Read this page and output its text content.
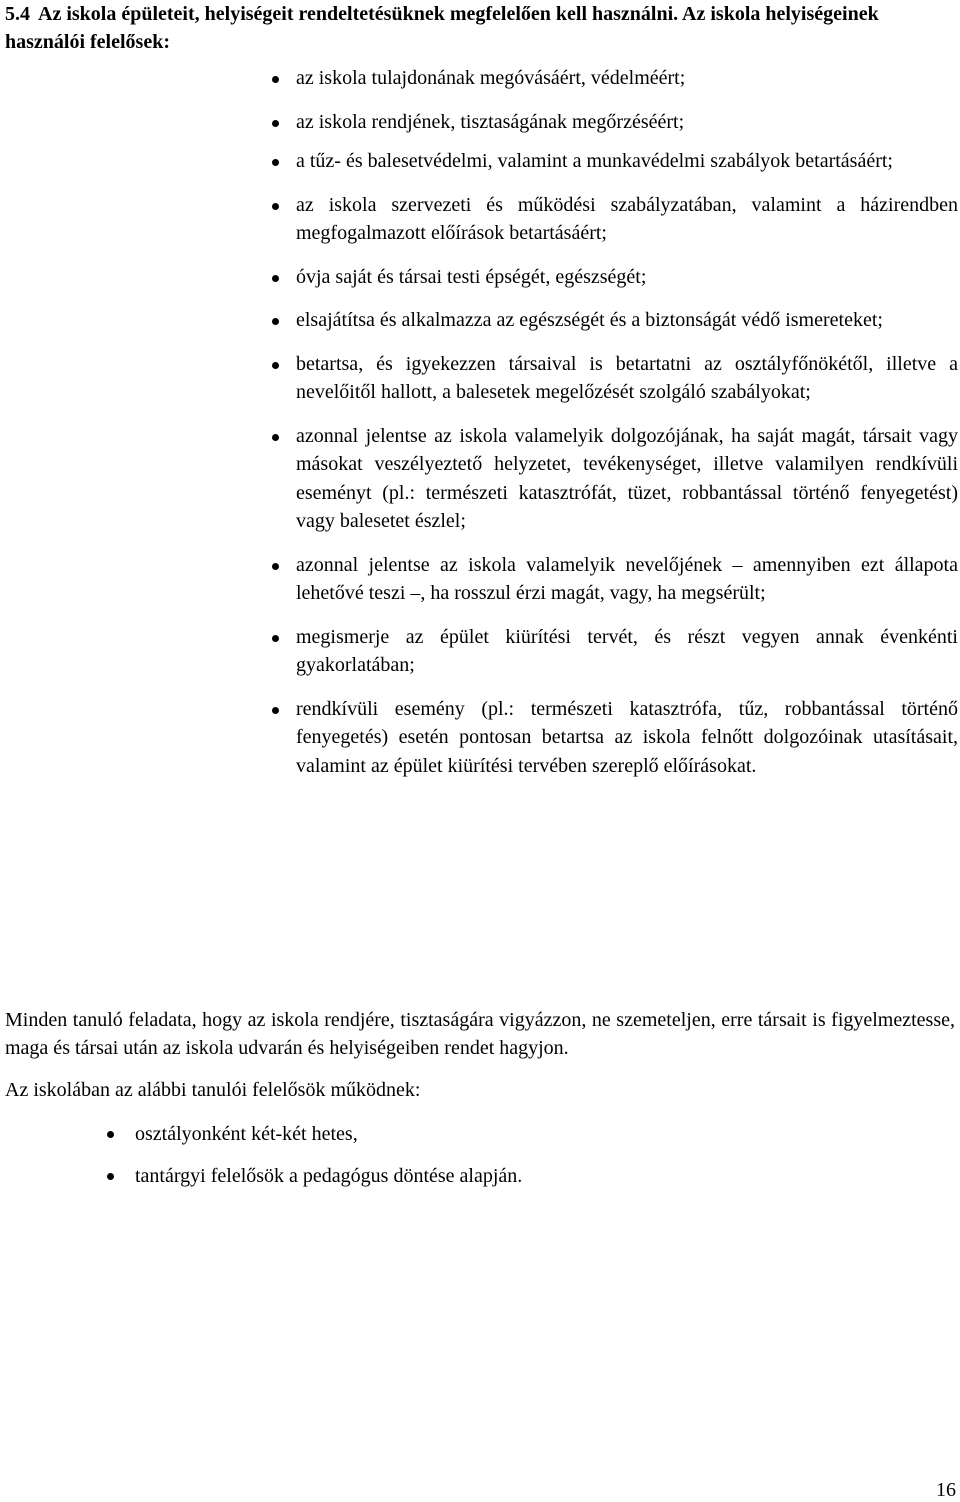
5.4 Az iskola épületeit, helyiségeit rendeltetésüknek megfelelően kell használni. Az iskola helyiségeinek használói felelősek:
az iskola tulajdonának megóvásáért, védelméért;
az iskola rendjének, tisztaságának megőrzéséért;
a tűz- és balesetvédelmi, valamint a munkavédelmi szabályok betartásáért;
az iskola szervezeti és működési szabályzatában, valamint a házirendben megfogalmazott előírások betartásáért;
óvja saját és társai testi épségét, egészségét;
elsajátítsa és alkalmazza az egészségét és a biztonságát védő ismereteket;
betartsa, és igyekezzen társaival is betartatni az osztályfőnökétől, illetve a nevelőitől hallott, a balesetek megelőzését szolgáló szabályokat;
azonnal jelentse az iskola valamelyik dolgozójának, ha saját magát, társait vagy másokat veszélyeztető helyzetet, tevékenységet, illetve valamilyen rendkívüli eseményt (pl.: természeti katasztrófát, tüzet, robbantással történő fenyegetést) vagy balesetet észlel;
azonnal jelentse az iskola valamelyik nevelőjének – amennyiben ezt állapota lehetővé teszi –, ha rosszul érzi magát, vagy, ha megsérült;
megismerje az épület kiürítési tervét, és részt vegyen annak évenkénti gyakorlatában;
rendkívüli esemény (pl.: természeti katasztrófa, tűz, robbantással történő fenyegetés) esetén pontosan betartsa az iskola felnőtt dolgozóinak utasításait, valamint az épület kiürítési tervében szereplő előírásokat.

Minden tanuló feladata, hogy az iskola rendjére, tisztaságára vigyázzon, ne szemeteljen, erre társait is figyelmeztesse, maga és társai után az iskola udvarán és helyiségeiben rendet hagyjon.

Az iskolában az alábbi tanulói felelősök működnek:

osztályonként két-két hetes,
tantárgyi felelősök a pedagógus döntése alapján.
16
